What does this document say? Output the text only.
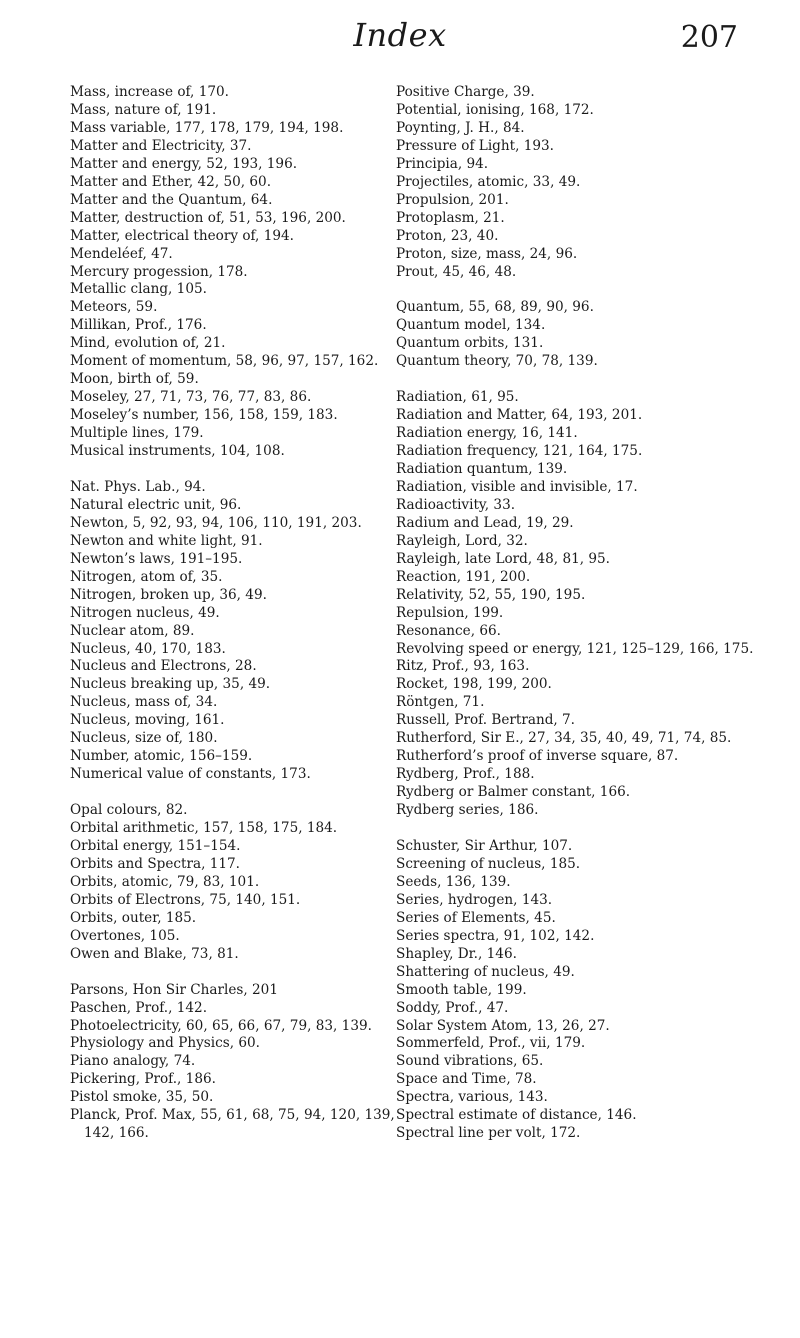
Index	207
Mass, increase of, 170.
Mass, nature of, 191.
Mass variable, 177, 178, 179, 194, 198.
Matter and Electricity, 37.
Matter and energy, 52, 193, 196.
Matter and Ether, 42, 50, 60.
Matter and the Quantum, 64.
Matter, destruction of, 51, 53, 196, 200.
Matter, electrical theory of, 194.
Mendeléef, 47.
Mercury progession, 178.
Metallic clang, 105.
Meteors, 59.
Millikan, Prof., 176.
Mind, evolution of, 21.
Moment of momentum, 58, 96, 97, 157, 162.
Moon, birth of, 59.
Moseley, 27, 71, 73, 76, 77, 83, 86.
Moseley’s number, 156, 158, 159, 183.
Multiple lines, 179.
Musical instruments, 104, 108.
Nat. Phys. Lab., 94.
Natural electric unit, 96.
Newton, 5, 92, 93, 94, 106, 110, 191, 203.
Newton and white light, 91.
Newton’s laws, 191–195.
Nitrogen, atom of, 35.
Nitrogen, broken up, 36, 49.
Nitrogen nucleus, 49.
Nuclear atom, 89.
Nucleus, 40, 170, 183.
Nucleus and Electrons, 28.
Nucleus breaking up, 35, 49.
Nucleus, mass of, 34.
Nucleus, moving, 161.
Nucleus, size of, 180.
Number, atomic, 156–159.
Numerical value of constants, 173.
Opal colours, 82.
Orbital arithmetic, 157, 158, 175, 184.
Orbital energy, 151–154.
Orbits and Spectra, 117.
Orbits, atomic, 79, 83, 101.
Orbits of Electrons, 75, 140, 151.
Orbits, outer, 185.
Overtones, 105.
Owen and Blake, 73, 81.
Parsons, Hon Sir Charles, 201
Paschen, Prof., 142.
Photoelectricity, 60, 65, 66, 67, 79, 83, 139.
Physiology and Physics, 60.
Piano analogy, 74.
Pickering, Prof., 186.
Pistol smoke, 35, 50.
Planck, Prof. Max, 55, 61, 68, 75, 94, 120, 139, 142, 166.
Positive Charge, 39.
Potential, ionising, 168, 172.
Poynting, J. H., 84.
Pressure of Light, 193.
Principia, 94.
Projectiles, atomic, 33, 49.
Propulsion, 201.
Protoplasm, 21.
Proton, 23, 40.
Proton, size, mass, 24, 96.
Prout, 45, 46, 48.
Quantum, 55, 68, 89, 90, 96.
Quantum model, 134.
Quantum orbits, 131.
Quantum theory, 70, 78, 139.
Radiation, 61, 95.
Radiation and Matter, 64, 193, 201.
Radiation energy, 16, 141.
Radiation frequency, 121, 164, 175.
Radiation quantum, 139.
Radiation, visible and invisible, 17.
Radioactivity, 33.
Radium and Lead, 19, 29.
Rayleigh, Lord, 32.
Rayleigh, late Lord, 48, 81, 95.
Reaction, 191, 200.
Relativity, 52, 55, 190, 195.
Repulsion, 199.
Resonance, 66.
Revolving speed or energy, 121, 125–129, 166, 175.
Ritz, Prof., 93, 163.
Rocket, 198, 199, 200.
Röntgen, 71.
Russell, Prof. Bertrand, 7.
Rutherford, Sir E., 27, 34, 35, 40, 49, 71, 74, 85.
Rutherford’s proof of inverse square, 87.
Rydberg, Prof., 188.
Rydberg or Balmer constant, 166.
Rydberg series, 186.
Schuster, Sir Arthur, 107.
Screening of nucleus, 185.
Seeds, 136, 139.
Series, hydrogen, 143.
Series of Elements, 45.
Series spectra, 91, 102, 142.
Shapley, Dr., 146.
Shattering of nucleus, 49.
Smooth table, 199.
Soddy, Prof., 47.
Solar System Atom, 13, 26, 27.
Sommerfeld, Prof., vii, 179.
Sound vibrations, 65.
Space and Time, 78.
Spectra, various, 143.
Spectral estimate of distance, 146.
Spectral line per volt, 172.
